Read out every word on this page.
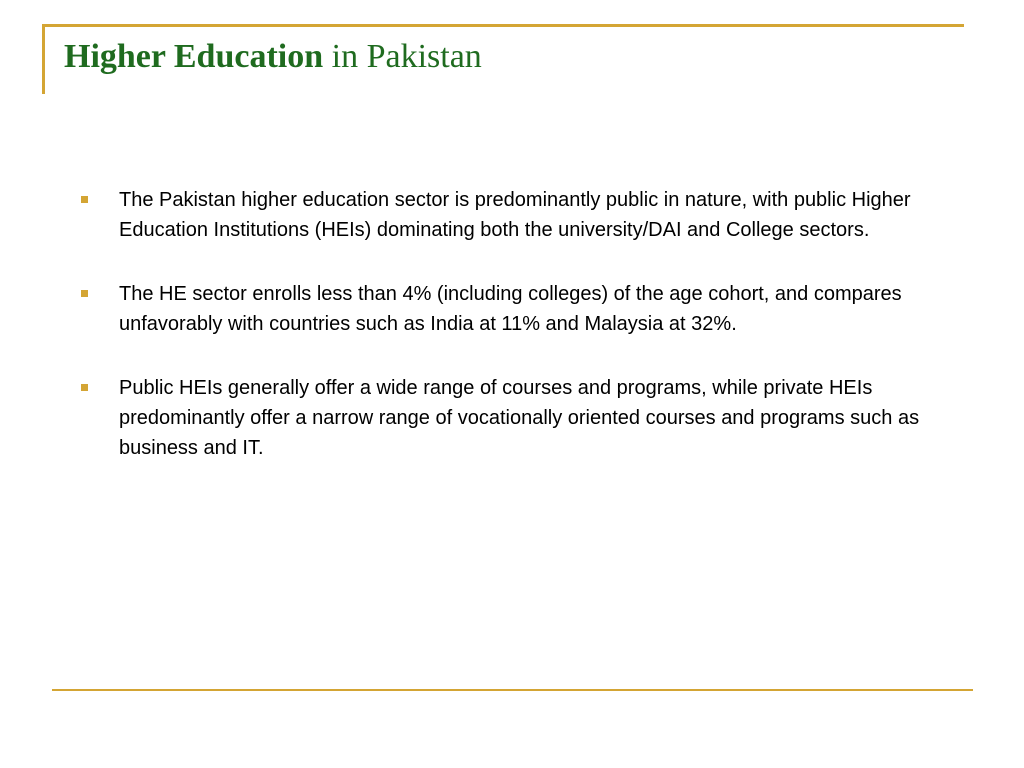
Higher Education in Pakistan
The Pakistan higher education sector is predominantly public in nature, with public Higher Education Institutions (HEIs) dominating both the university/DAI and College sectors.
The HE sector enrolls less than 4% (including colleges) of the age cohort, and compares unfavorably with countries such as India at 11% and Malaysia at 32%.
Public HEIs generally offer a wide range of courses and programs, while private HEIs predominantly offer a narrow range of vocationally oriented courses and programs such as business and IT.
